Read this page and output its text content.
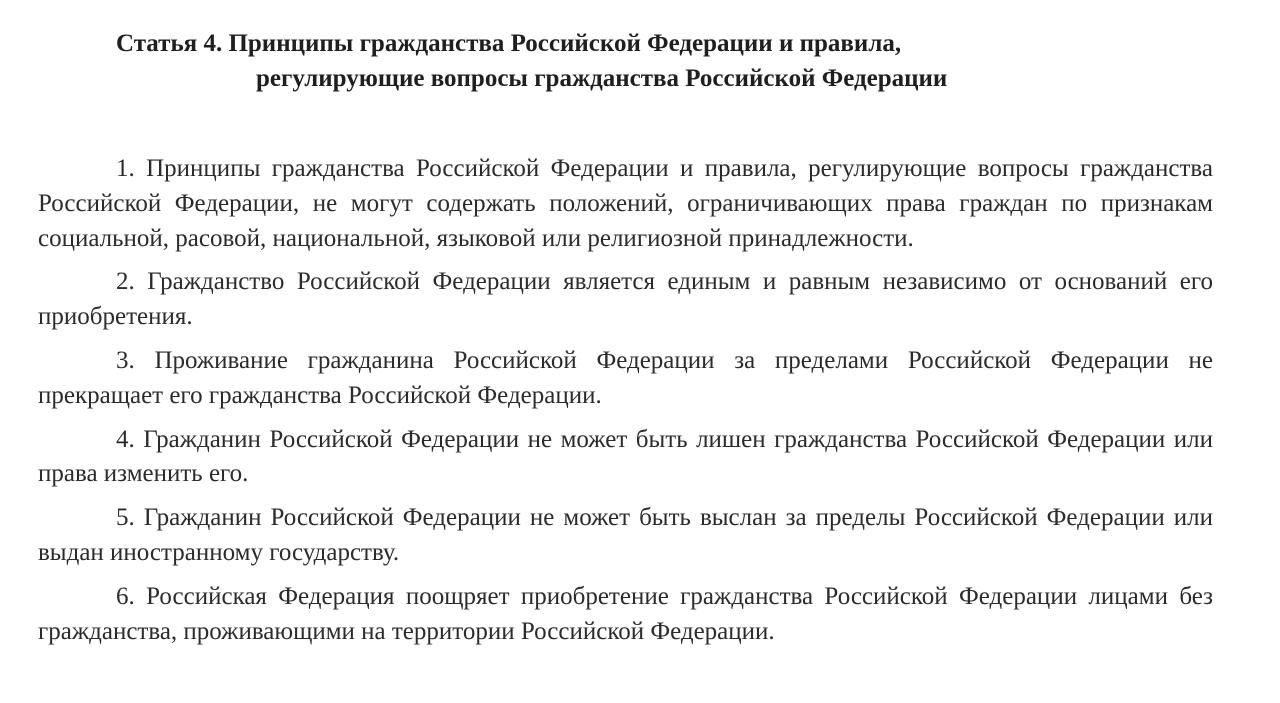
Статья 4. Принципы гражданства Российской Федерации и правила,
регулирующие вопросы гражданства Российской Федерации

1. Принципы гражданства Российской Федерации и правила, регулирующие вопросы гражданства Российской Федерации, не могут содержать положений, ограничивающих права граждан по признакам социальной, расовой, национальной, языковой или религиозной принадлежности.

2. Гражданство Российской Федерации является единым и равным независимо от оснований его приобретения.

3. Проживание гражданина Российской Федерации за пределами Российской Федерации не прекращает его гражданства Российской Федерации.

4. Гражданин Российской Федерации не может быть лишен гражданства Российской Федерации или права изменить его.

5. Гражданин Российской Федерации не может быть выслан за пределы Российской Федерации или выдан иностранному государству.

6. Российская Федерация поощряет приобретение гражданства Российской Федерации лицами без гражданства, проживающими на территории Российской Федерации.
